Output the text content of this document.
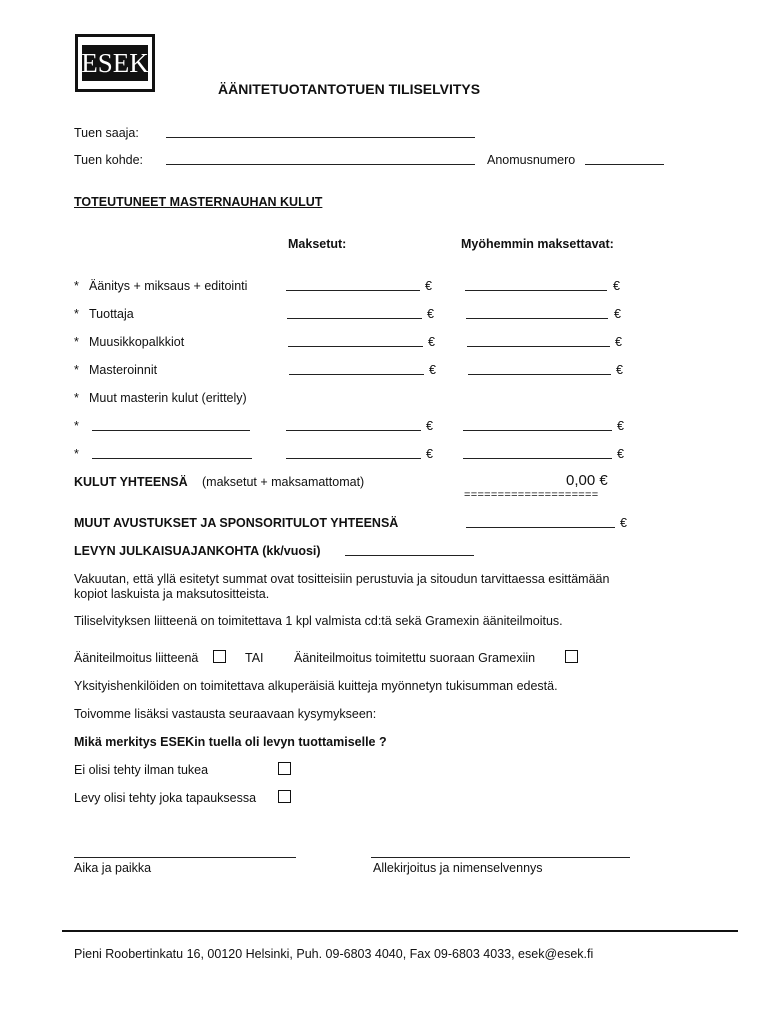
ESEK
ÄÄNITETUOTANTOTUEN TILISELVITYS
Tuen saaja:
Tuen kohde:	Anomusnumero
TOTEUTUNEET MASTERNAUHAN KULUT
Maksetut:	Myöhemmin maksettavat:
* Äänitys + miksaus + editointi	€	€
* Tuottaja	€	€
* Muusikkopalkkiot	€	€
* Masteroinnit	€	€
* Muut masterin kulut (erittely)
*	€	€
*	€	€
KULUT YHTEENSÄ (maksetut + maksamattomat)	0,00 €
====================
MUUT AVUSTUKSET JA SPONSORITULOT YHTEENSÄ	€
LEVYN JULKAISUAJANKOHTA (kk/vuosi)
Vakuutan, että yllä esitetyt summat ovat tositteisiin perustuvia ja sitoudun tarvittaessa esittämään
kopiot laskuista ja maksutositteista.
Tiliselvityksen liitteenä on toimitettava 1 kpl valmista cd:tä sekä Gramexin ääniteilmoitus.
Ääniteilmoitus liitteenä	TAI Ääniteilmoitus toimitettu suoraan Gramexiin
Yksityishenkilöiden on toimitettava alkuperäisiä kuitteja myönnetyn tukisumman edestä.
Toivomme lisäksi vastausta seuraavaan kysymykseen:
Mikä merkitys ESEKin tuella oli levyn tuottamiselle ?
Ei olisi tehty ilman tukea
Levy olisi tehty joka tapauksessa
Aika ja paikka	Allekirjoitus ja nimenselvennys
Pieni Roobertinkatu 16, 00120 Helsinki, Puh. 09-6803 4040, Fax 09-6803 4033, esek@esek.fi
